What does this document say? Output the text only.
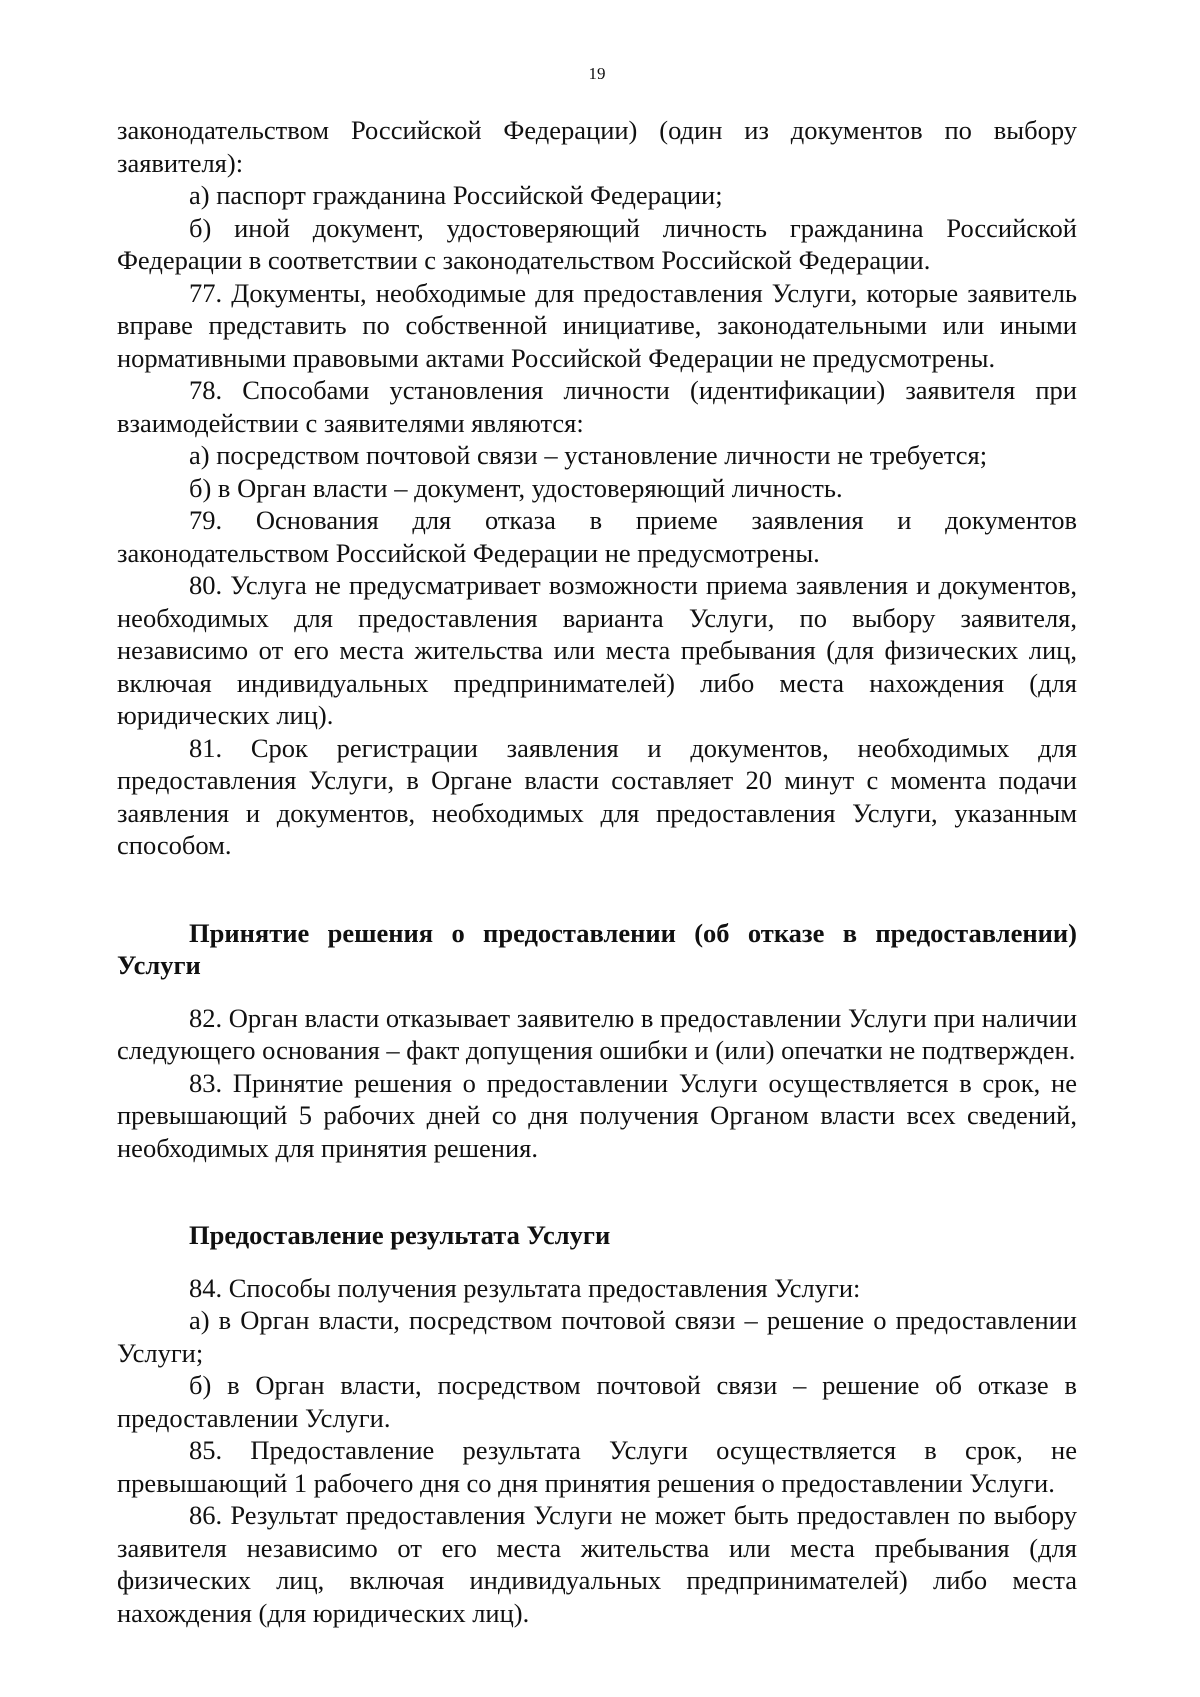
19

законодательством Российской Федерации) (один из документов по выбору заявителя):

а) паспорт гражданина Российской Федерации;

б) иной документ, удостоверяющий личность гражданина Российской Федерации в соответствии с законодательством Российской Федерации.

77. Документы, необходимые для предоставления Услуги, которые заявитель вправе представить по собственной инициативе, законодательными или иными нормативными правовыми актами Российской Федерации не предусмотрены.

78. Способами установления личности (идентификации) заявителя при взаимодействии с заявителями являются:

а) посредством почтовой связи – установление личности не требуется;

б) в Орган власти – документ, удостоверяющий личность.

79. Основания для отказа в приеме заявления и документов законодательством Российской Федерации не предусмотрены.

80. Услуга не предусматривает возможности приема заявления и документов, необходимых для предоставления варианта Услуги, по выбору заявителя, независимо от его места жительства или места пребывания (для физических лиц, включая индивидуальных предпринимателей) либо места нахождения (для юридических лиц).

81. Срок регистрации заявления и документов, необходимых для предоставления Услуги, в Органе власти составляет 20 минут с момента подачи заявления и документов, необходимых для предоставления Услуги, указанным способом.

Принятие решения о предоставлении (об отказе в предоставлении) Услуги

82. Орган власти отказывает заявителю в предоставлении Услуги при наличии следующего основания – факт допущения ошибки и (или) опечатки не подтвержден.

83. Принятие решения о предоставлении Услуги осуществляется в срок, не превышающий 5 рабочих дней со дня получения Органом власти всех сведений, необходимых для принятия решения.

Предоставление результата Услуги

84. Способы получения результата предоставления Услуги:

а) в Орган власти, посредством почтовой связи – решение о предоставлении Услуги;

б) в Орган власти, посредством почтовой связи – решение об отказе в предоставлении Услуги.

85. Предоставление результата Услуги осуществляется в срок, не превышающий 1 рабочего дня со дня принятия решения о предоставлении Услуги.

86. Результат предоставления Услуги не может быть предоставлен по выбору заявителя независимо от его места жительства или места пребывания (для физических лиц, включая индивидуальных предпринимателей) либо места нахождения (для юридических лиц).
